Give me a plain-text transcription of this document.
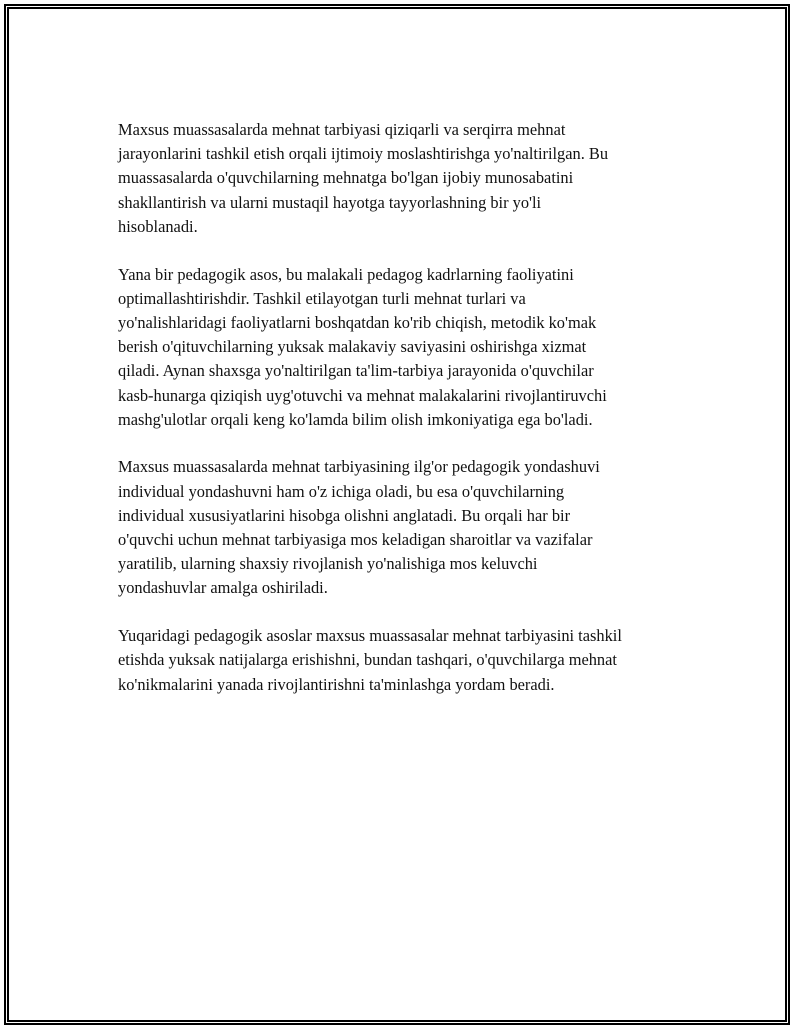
Maxsus muassasalarda mehnat tarbiyasi qiziqarli va serqirra mehnat
jarayonlarini tashkil etish orqali ijtimoiy moslashtirishga yo'naltirilgan. Bu
muassasalarda o'quvchilarning mehnatga bo'lgan ijobiy munosabatini
shakllantirish va ularni mustaqil hayotga tayyorlashning bir yo'li
hisoblanadi.

Yana bir pedagogik asos, bu malakali pedagog kadrlarning faoliyatini
optimallashtirishdir. Tashkil etilayotgan turli mehnat turlari va
yo'nalishlaridagi faoliyatlarni boshqatdan ko'rib chiqish, metodik ko'mak
berish o'qituvchilarning yuksak malakaviy saviyasini oshirishga xizmat
qiladi. Aynan shaxsga yo'naltirilgan ta'lim-tarbiya jarayonida o'quvchilar
kasb-hunarga qiziqish uyg'otuvchi va mehnat malakalarini rivojlantiruvchi
mashg'ulotlar orqali keng ko'lamda bilim olish imkoniyatiga ega bo'ladi.

Maxsus muassasalarda mehnat tarbiyasining ilg'or pedagogik yondashuvi
individual yondashuvni ham o'z ichiga oladi, bu esa o'quvchilarning
individual xususiyatlarini hisobga olishni anglatadi. Bu orqali har bir
o'quvchi uchun mehnat tarbiyasiga mos keladigan sharoitlar va vazifalar
yaratilib, ularning shaxsiy rivojlanish yo'nalishiga mos keluvchi
yondashuvlar amalga oshiriladi.

Yuqaridagi pedagogik asoslar maxsus muassasalar mehnat tarbiyasini tashkil
etishda yuksak natijalarga erishishni, bundan tashqari, o'quvchilarga mehnat
ko'nikmalarini yanada rivojlantirishni ta'minlashga yordam beradi.
